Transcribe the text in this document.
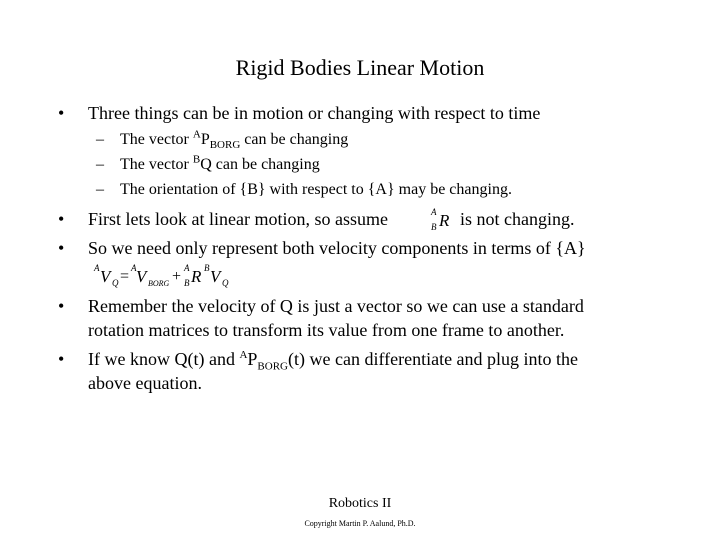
Rigid Bodies Linear Motion
• Three things can be in motion or changing with respect to time
– The vector $^AP_{BORG}$ can be changing
– The vector $^B$Q can be changing
– The orientation of {B} with respect to {A} may be changing.
• First lets look at linear motion, so assume	is not changing.
A
B R
• So we need only represent both velocity components in terms of {A}
A V Q = A V BORG + A
B R B V Q
• Remember the velocity of Q is just a vector so we can use a standard
rotation matrices to transform its value from one frame to another.
• If we know Q(t) and $^AP_{BORG}(t)$ we can differentiate and plug into the
above equation.
Robotics II
Copyright Martin P. Aalund, Ph.D.
